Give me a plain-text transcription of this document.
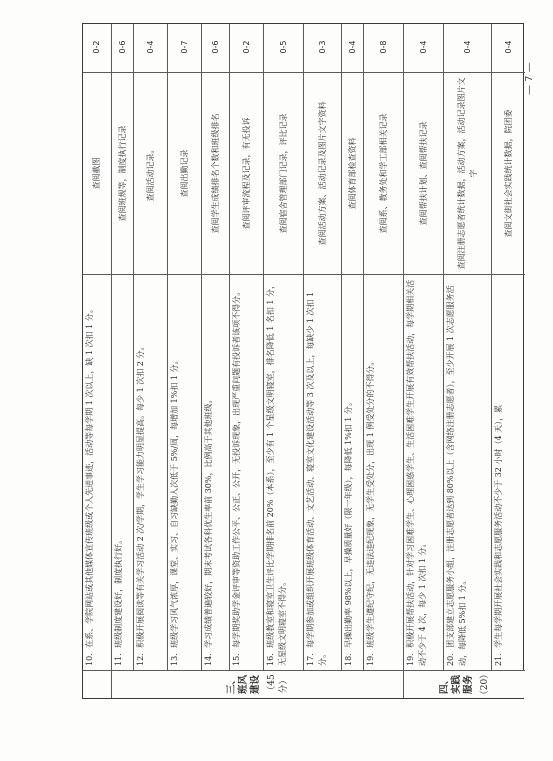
10．在系、学院网站或其他媒体宣传班级或个人先进事迹，活动等每学期 1 次以上，缺 1 次扣 1 分。
查阅截图
0-2
11．班级制度建设好，制度执行好。
查阅班规等，制度执行记录
0-6
12．积极开展阅读等有关学习活动 2 次/学期，学生学习能力明显提高。每少 1 次扣 2 分。
查阅活动记录。
0-4
13．班级学习风气浓厚，课堂、实习、自习缺勤人次低于 5%/周，每增加 1%扣 1 分。
查阅出勤记录
0-7
14．学习成绩普遍较好，期末考试各科优生率前 30%，比例高于其他班级。
查阅学生成绩排名个数和班级排名
0-6
15．每学期奖助学金评审等资助工作公平、公正、公开，无投诉现象，出现严重问题有投诉者该项不得分。
查阅评审流程及记录，有无投诉
0-2
16．班级教室和寝室卫生评比学期排名前 20%（本系），至少有 1 个星级文明寝室，排名降低 1 名扣 1 分，无星级文明寝室不得分。
查阅宿舍管理部门记录，评比记录
0-5
17．每学期参加或组织开展班级体育活动、文艺活动、寝室文化建设活动等 3 次及以上，每缺少 1 次扣 1 分。
查阅活动方案、活动记录及图片文字资料
0-3
18．早操出勤率 98%以上，早操质量好（限一年级），每降低 1%扣 1 分。
查阅体育部检查资料
0-4
19．班级学生遵纪守纪，无违法违纪现象，无学生受处分，出现 1 例受处分的不得分。
查阅系、教务处和学工部相关记录
0-8
19．积极开展帮扶活动，针对学习困难学生、心理困惑学生、生活困难学生开展有效帮扶活动，每学期相关活动不少于 4 次，每少 1 次扣 1 分。
查阅帮扶计划、查阅帮扶记录
0-4
20．团支部建立志愿服务小组，注册志愿者达到 80%以上（含网络注册志愿者），至少开展 1 次志愿服务活动，每降低 5%扣 1 分。
查阅注册志愿者统计数据，活动方案，活动记录图片文字
0-4
21．学生每学期开展社会实践和志愿服务活动不少于 32 小时（4 天），累
查阅文街社会实践统计数据，院团委
0-4
三、班风建设 （45分）	四、实践服务 （20）
— 7 —
